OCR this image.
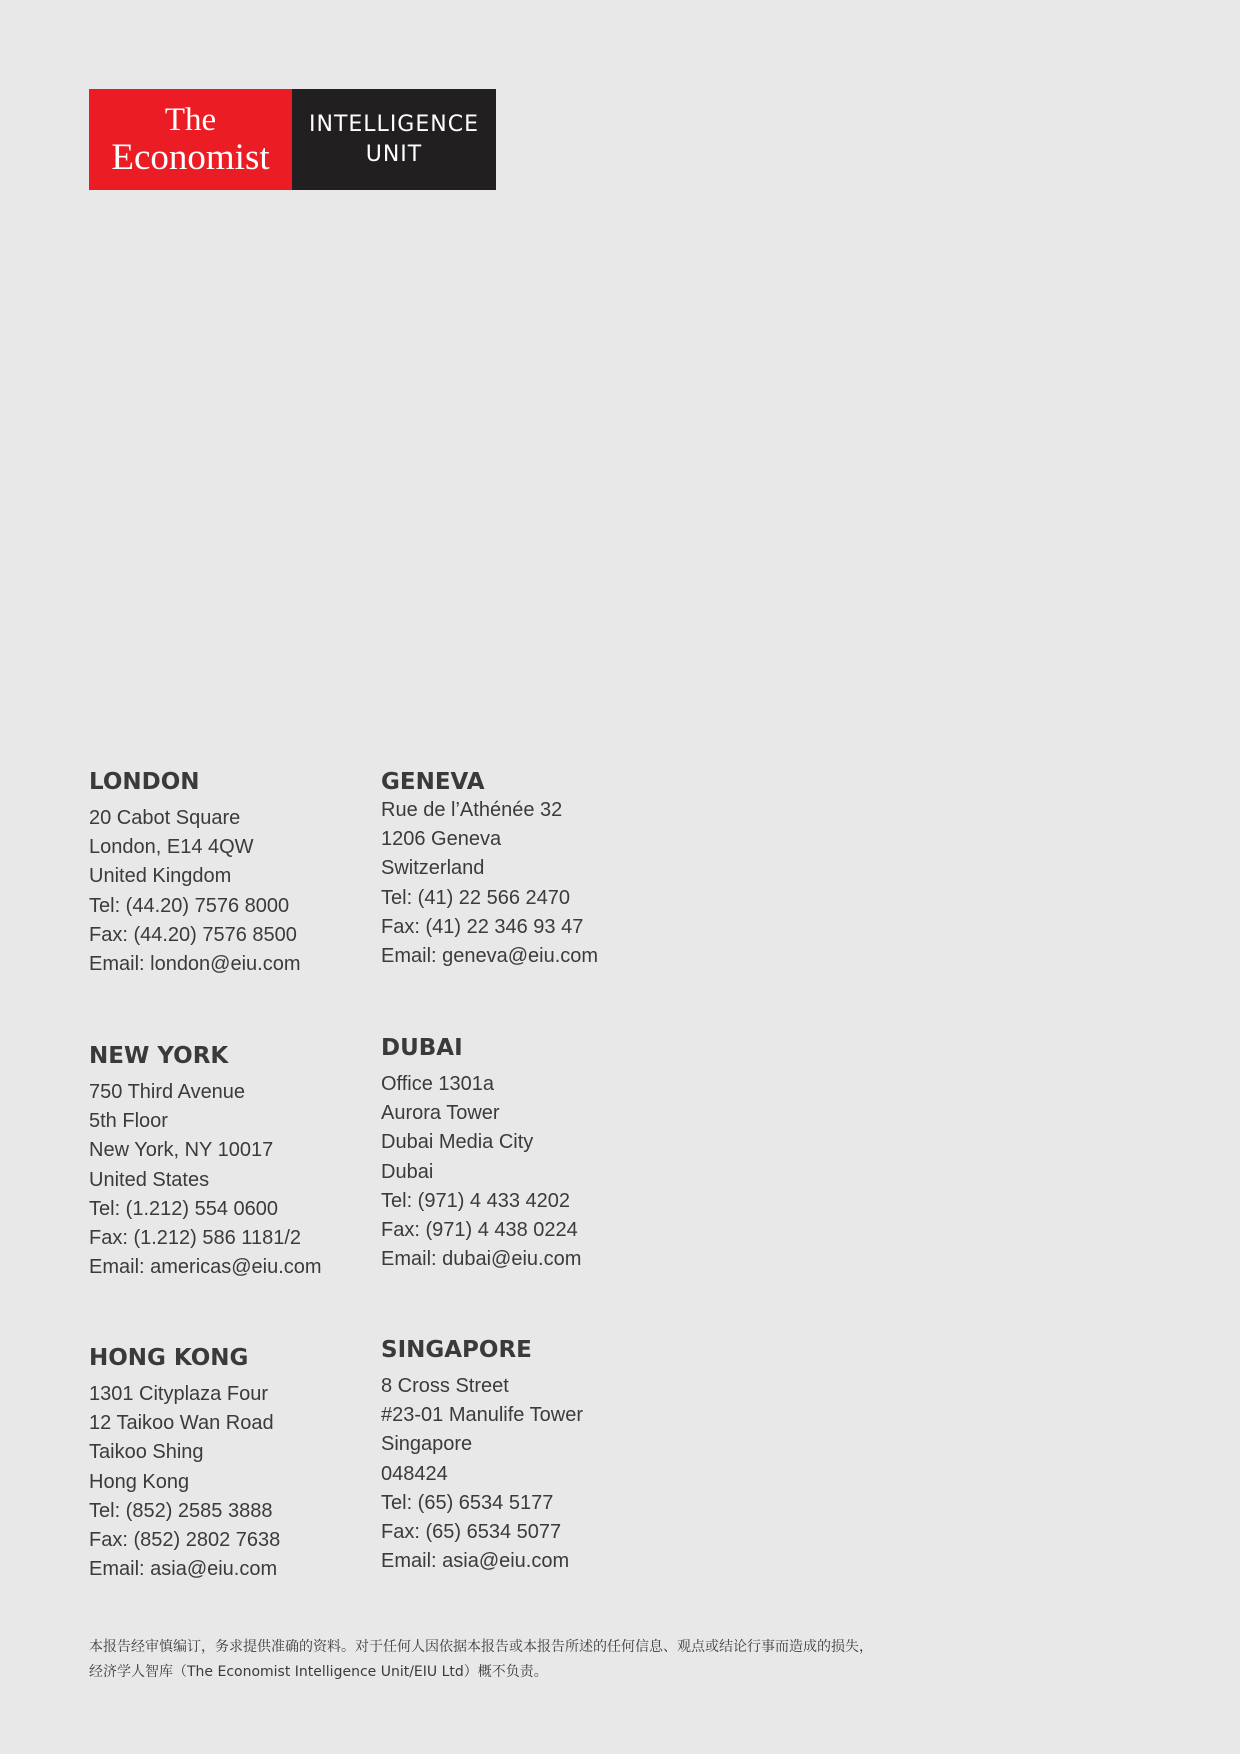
The
Economist
INTELLIGENCE
UNIT
LONDON
20 Cabot Square
London, E14 4QW
United Kingdom
Tel: (44.20) 7576 8000
Fax: (44.20) 7576 8500
Email: london@eiu.com
GENEVA
Rue de l’Athénée 32
1206 Geneva
Switzerland
Tel: (41) 22 566 2470
Fax: (41) 22 346 93 47
Email: geneva@eiu.com
NEW YORK
750 Third Avenue
5th Floor
New York, NY 10017
United States
Tel: (1.212) 554 0600
Fax: (1.212) 586 1181/2
Email: americas@eiu.com
DUBAI
Office 1301a
Aurora Tower
Dubai Media City
Dubai
Tel: (971) 4 433 4202
Fax: (971) 4 438 0224
Email: dubai@eiu.com
HONG KONG
1301 Cityplaza Four
12 Taikoo Wan Road
Taikoo Shing
Hong Kong
Tel: (852) 2585 3888
Fax: (852) 2802 7638
Email: asia@eiu.com
SINGAPORE
8 Cross Street
#23-01 Manulife Tower
Singapore
048424
Tel: (65) 6534 5177
Fax: (65) 6534 5077
Email: asia@eiu.com
本报告经审慎编订，务求提供准确的资料。对于任何人因依据本报告或本报告所述的任何信息、观点或结论行事而造成的损失，
经济学人智库（The Economist Intelligence Unit/EIU Ltd）概不负责。
